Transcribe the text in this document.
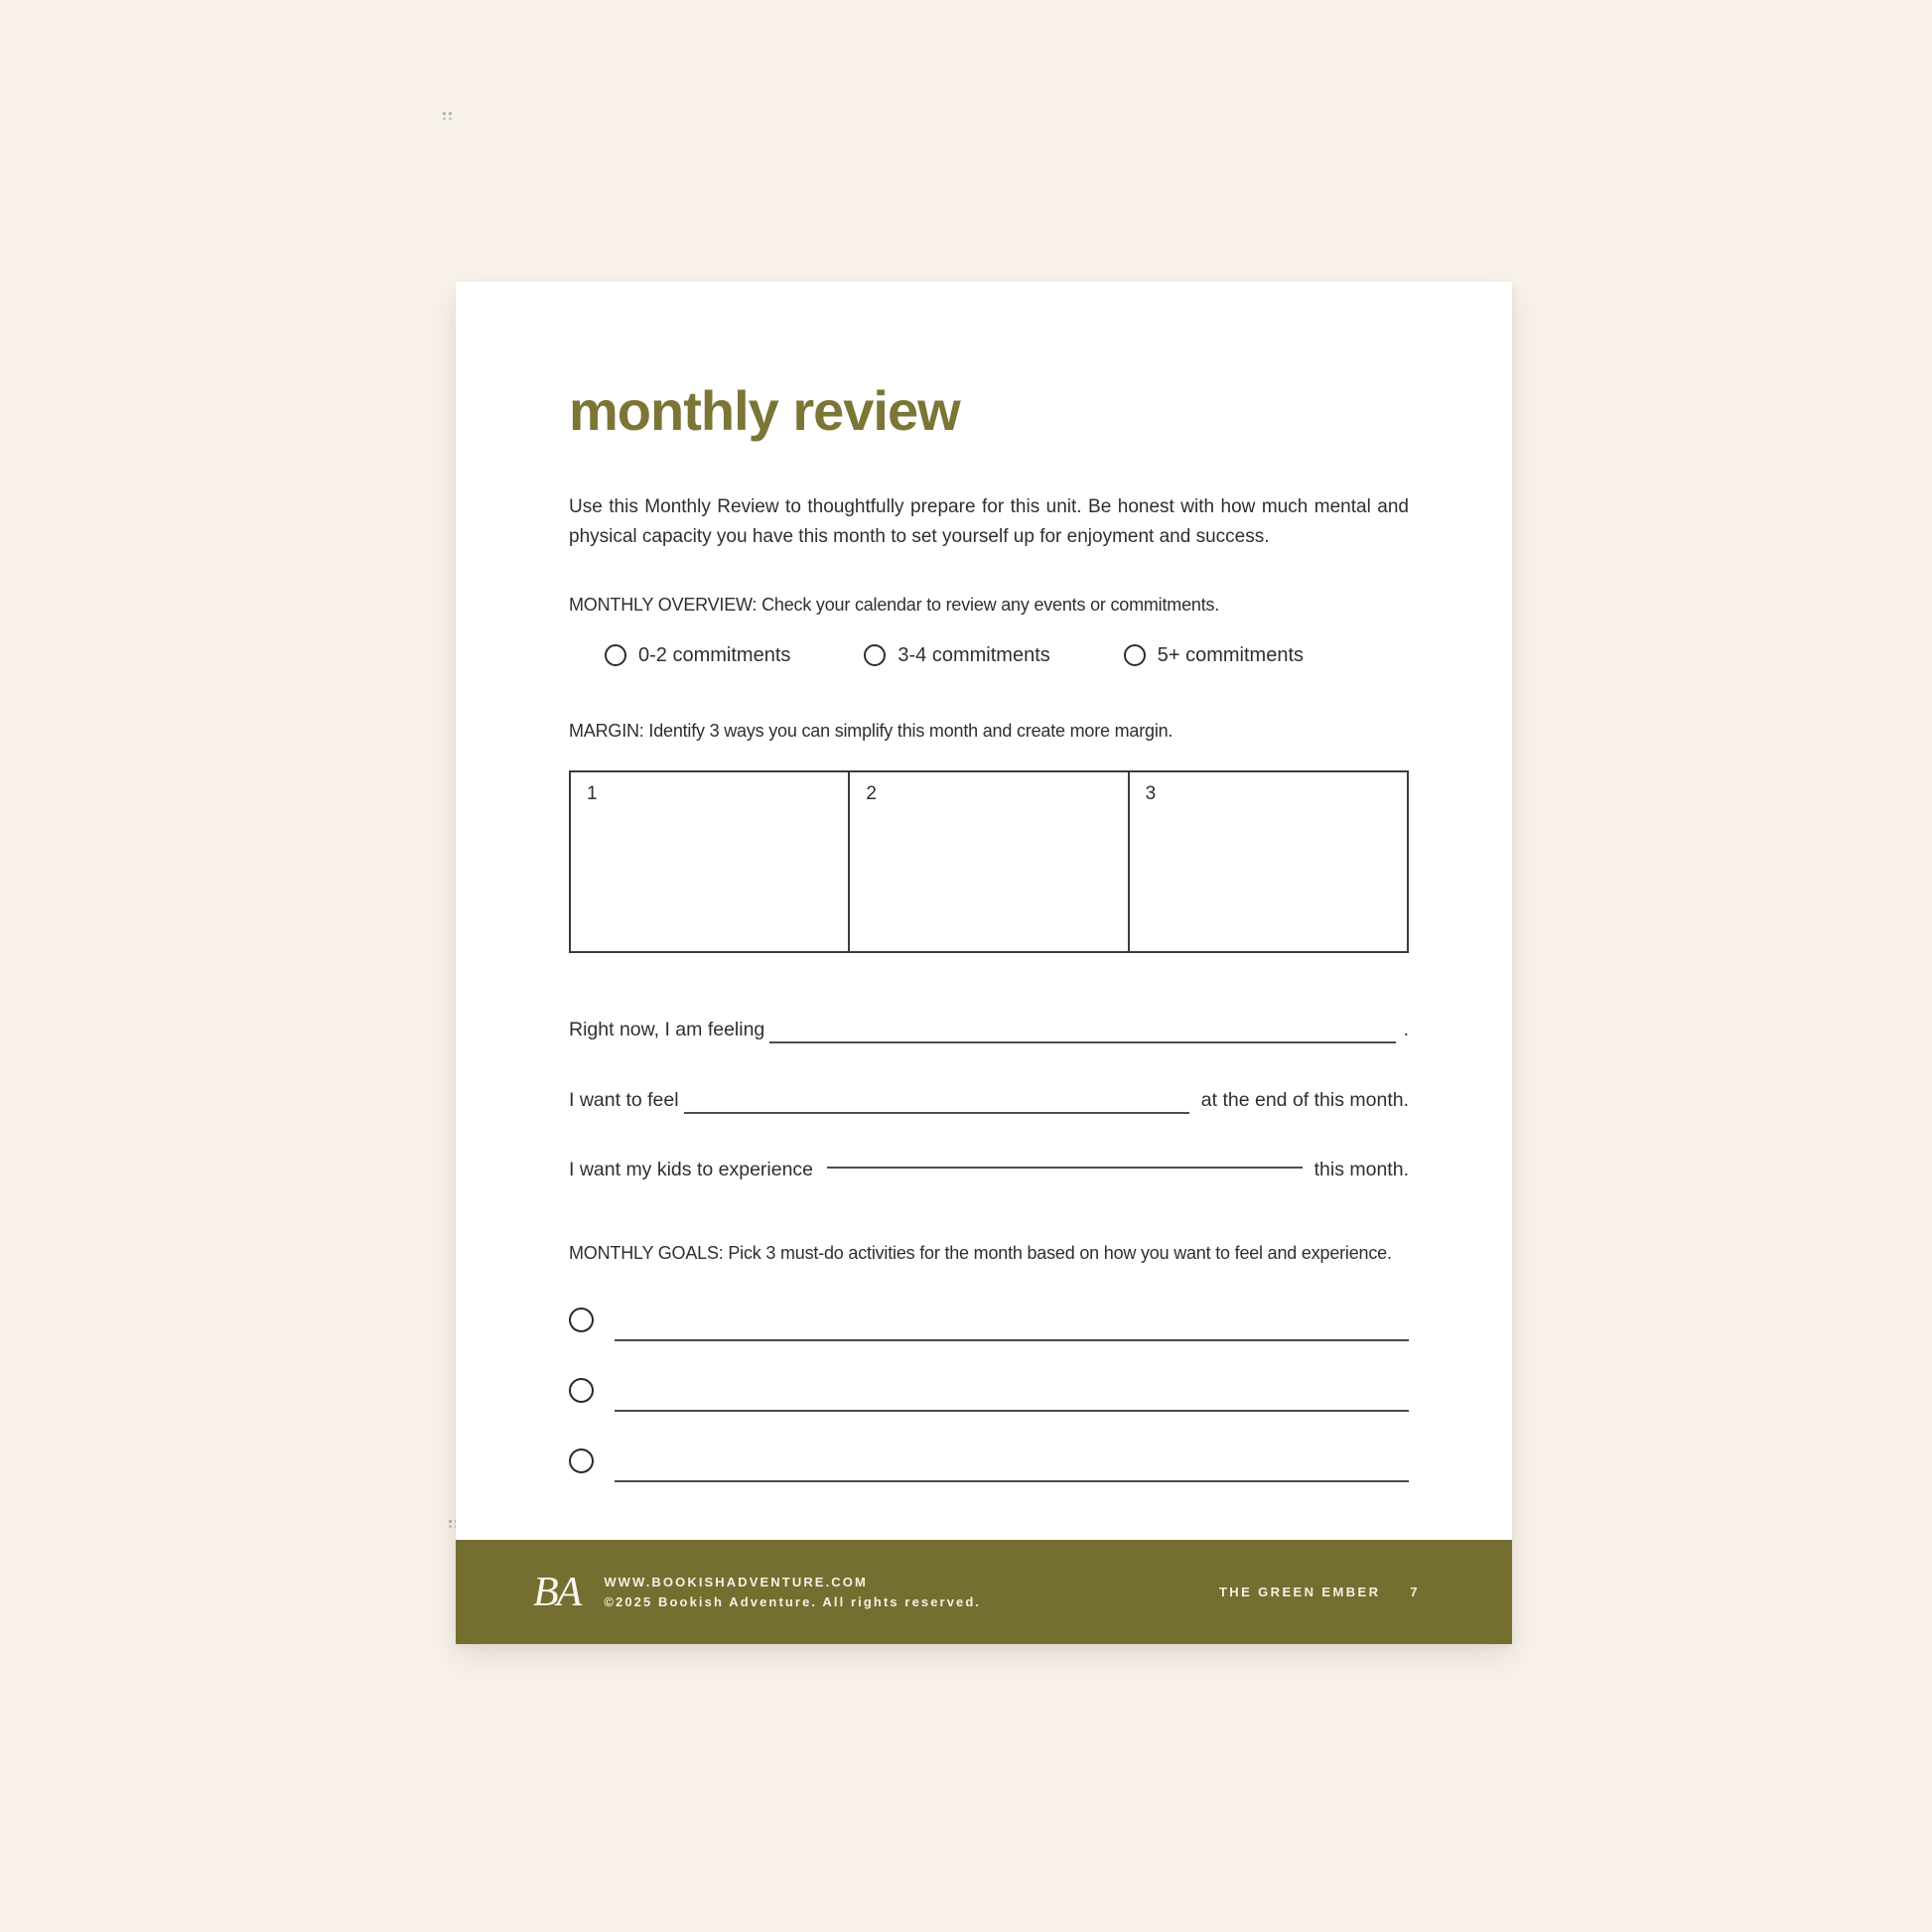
monthly review

Use this Monthly Review to thoughtfully prepare for this unit. Be honest with how much mental and physical capacity you have this month to set yourself up for enjoyment and success.

MONTHLY OVERVIEW: Check your calendar to review any events or commitments.

0-2 commitments	3-4 commitments	5+ commitments

MARGIN: Identify 3 ways you can simplify this month and create more margin.

1	2	3
Right now, I am feeling	.
I want to feel	at the end of this month.
I want my kids to experience	this month.

MONTHLY GOALS: Pick 3 must-do activities for the month based on how you want to feel and experience.

BA WWW.BOOKISHADVENTURE.COM
©2025 Bookish Adventure. All rights reserved.
THE GREEN EMBER 7
